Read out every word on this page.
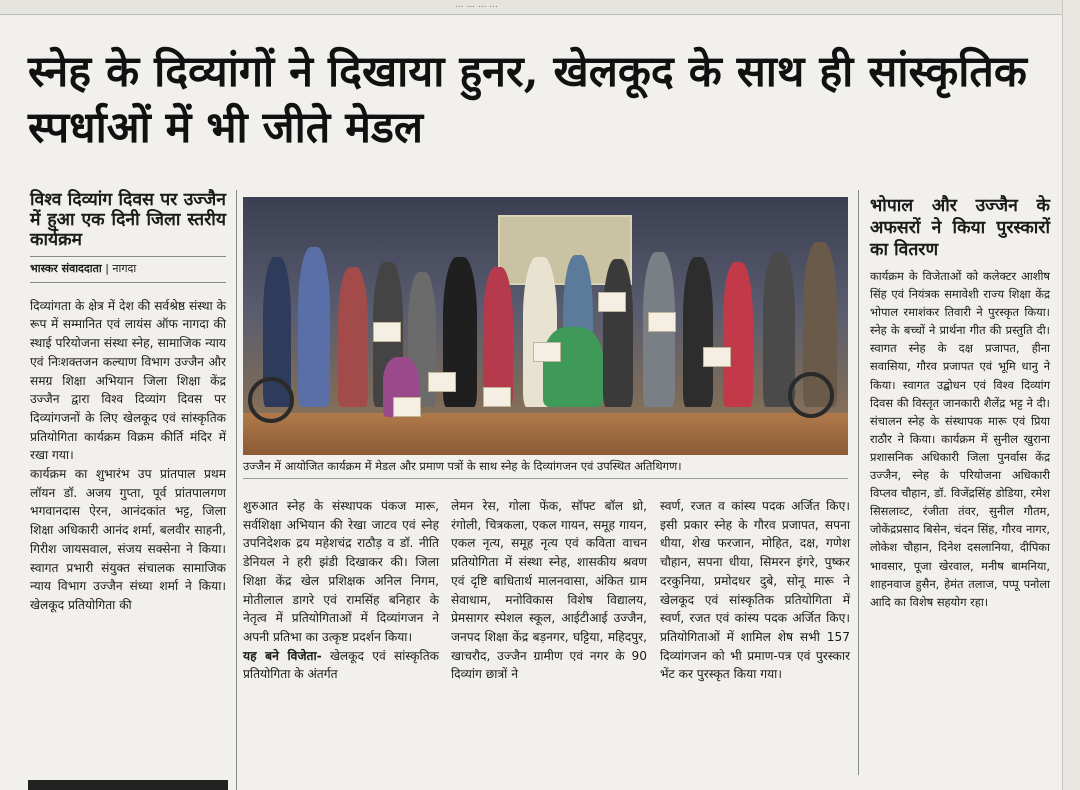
... ... ... ...
स्नेह के दिव्यांगों ने दिखाया हुनर, खेलकूद के साथ ही सांस्कृतिक स्पर्धाओं में भी जीते मेडल
विश्व दिव्यांग दिवस पर उज्जैन में हुआ एक दिनी जिला स्तरीय कार्यक्रम
भास्कर संवाददाता | नागदा

दिव्यांगता के क्षेत्र में देश की सर्वश्रेष्ठ संस्था के रूप में सम्मानित एवं लायंस ऑफ नागदा की स्थाई परियोजना संस्था स्नेह, सामाजिक न्याय एवं निःशक्तजन कल्याण विभाग उज्जैन और समग्र शिक्षा अभियान जिला शिक्षा केंद्र उज्जैन द्वारा विश्व दिव्यांग दिवस पर दिव्यांगजनों के लिए खेलकूद एवं सांस्कृतिक प्रतियोगिता कार्यक्रम विक्रम कीर्ति मंदिर में रखा गया।

कार्यक्रम का शुभारंभ उप प्रांतपाल प्रथम लॉयन डॉ. अजय गुप्ता, पूर्व प्रांतपालगण भगवानदास ऐरन, आनंदकांत भट्ट, जिला शिक्षा अधिकारी आनंद शर्मा, बलवीर साहनी, गिरीश जायसवाल, संजय सक्सेना ने किया। स्वागत प्रभारी संयुक्त संचालक सामाजिक न्याय विभाग उज्जैन संध्या शर्मा ने किया। खेलकूद प्रतियोगिता की

उज्जैन में आयोजित कार्यक्रम में मेडल और प्रमाण पत्रों के साथ स्नेह के दिव्यांगजन एवं उपस्थित अतिथिगण।

शुरुआत स्नेह के संस्थापक पंकज मारू, सर्वशिक्षा अभियान की रेखा जाटव एवं स्नेह उपनिदेशक द्रय महेशचंद्र राठौड़ व डॉ. नीति डेनियल ने हरी झंडी दिखाकर की। जिला शिक्षा केंद्र खेल प्रशिक्षक अनिल निगम, मोतीलाल डागरे एवं रामसिंह बनिहार के नेतृत्व में प्रतियोगिताओं में दिव्यांगजन ने अपनी प्रतिभा का उत्कृष्ट प्रदर्शन किया।

यह बने विजेता- खेलकूद एवं सांस्कृतिक प्रतियोगिता के अंतर्गत

लेमन रेस, गोला फेंक, सॉफ्ट बॉल थ्रो, रंगोली, चित्रकला, एकल गायन, समूह गायन, एकल नृत्य, समूह नृत्य एवं कविता वाचन प्रतियोगिता में संस्था स्नेह, शासकीय श्रवण एवं दृष्टि बाधितार्थ मालनवासा, अंकित ग्राम सेवाधाम, मनोविकास विशेष विद्यालय, प्रेमसागर स्पेशल स्कूल, आईटीआई उज्जैन, जनपद शिक्षा केंद्र बड़नगर, घट्टिया, महिदपुर, खाचरौद, उज्जैन ग्रामीण एवं नगर के 90 दिव्यांग छात्रों ने

स्वर्ण, रजत व कांस्य पदक अर्जित किए। इसी प्रकार स्नेह के गौरव प्रजापत, सपना धीया, शेख फरजान, मोहित, दक्ष, गणेश चौहान, सपना धीया, सिमरन इंगरे, पुष्कर दरकुनिया, प्रमोदधर दुबे, सोनू मारू ने खेलकूद एवं सांस्कृतिक प्रतियोगिता में स्वर्ण, रजत एवं कांस्य पदक अर्जित किए। प्रतियोगिताओं में शामिल शेष सभी 157 दिव्यांगजन को भी प्रमाण-पत्र एवं पुरस्कार भेंट कर पुरस्कृत किया गया।

भोपाल और उज्जैन के अफसरों ने किया पुरस्कारों का वितरण

कार्यक्रम के विजेताओं को कलेक्टर आशीष सिंह एवं नियंत्रक समावेशी राज्य शिक्षा केंद्र भोपाल रमाशंकर तिवारी ने पुरस्कृत किया। स्नेह के बच्चों ने प्रार्थना गीत की प्रस्तुति दी। स्वागत स्नेह के दक्ष प्रजापत, हीना सवासिया, गौरव प्रजापत एवं भूमि धानु ने किया। स्वागत उद्बोधन एवं विश्व दिव्यांग दिवस की विस्तृत जानकारी शैलेंद्र भट्ट ने दी। संचालन स्नेह के संस्थापक मारू एवं प्रिया राठौर ने किया। कार्यक्रम में सुनील खुराना प्रशासनिक अधिकारी जिला पुनर्वास केंद्र उज्जैन, स्नेह के परियोजना अधिकारी विप्लव चौहान, डॉ. विजेंद्रसिंह डोडिया, रमेश सिसलाव्ट, रंजीता तंवर, सुनील गौतम, जोकेंद्रप्रसाद बिसेन, चंदन सिंह, गौरव नागर, लोकेश चौहान, दिनेश दसलानिया, दीपिका भावसार, पूजा खेरवाल, मनीष बामनिया, शाहनवाज हुसैन, हेमंत तलाज, पप्पू पनोला आदि का विशेष सहयोग रहा।
